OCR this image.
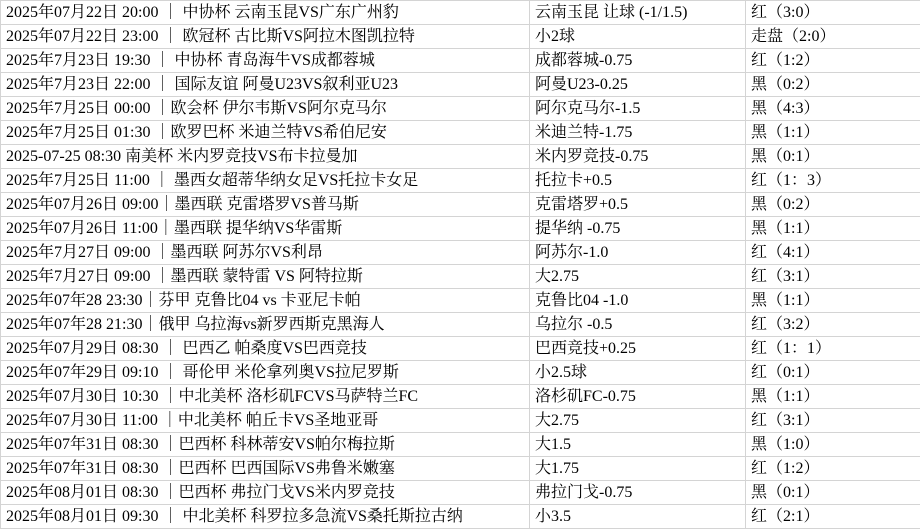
2025年07月22日 20:00 ｜ 中协杯 云南玉昆VS广东广州豹	云南玉昆 让球 (-1/1.5)	红（3:0）
2025年07月22日 23:00 ｜ 欧冠杯 古比斯VS阿拉木图凯拉特	小2球	走盘（2:0）
2025年7月23日 19:30 ｜ 中协杯 青岛海牛VS成都蓉城	成都蓉城-0.75	红（1:2）
2025年7月23日 22:00 ｜ 国际友谊 阿曼U23VS叙利亚U23	阿曼U23-0.25	黑（0:2）
2025年7月25日 00:00 ｜欧会杯 伊尔韦斯VS阿尔克马尔	阿尔克马尔-1.5	黑（4:3）
2025年7月25日 01:30 ｜欧罗巴杯 米迪兰特VS希伯尼安	米迪兰特-1.75	黑（1:1）
2025-07-25 08:30 南美杯 米内罗竞技VS布卡拉曼加	米内罗竞技-0.75	黑（0:1）
2025年7月25日 11:00 ｜ 墨西女超蒂华纳女足VS托拉卡女足	托拉卡+0.5	红（1：3）
2025年07月26日 09:00｜墨西联 克雷塔罗VS普马斯	克雷塔罗+0.5	黑（0:2）
2025年07月26日 11:00｜墨西联 提华纳VS华雷斯	提华纳 -0.75	黑（1:1）
2025年7月27日 09:00 ｜墨西联 阿苏尔VS利昂	阿苏尔-1.0	红（4:1）
2025年7月27日 09:00 ｜墨西联 蒙特雷 VS 阿特拉斯	大2.75	红（3:1）
2025年07年28 23:30｜芬甲 克鲁比04 vs 卡亚尼卡帕	克鲁比04 -1.0	黑（1:1）
2025年07年28 21:30｜俄甲 乌拉海vs新罗西斯克黑海人	乌拉尔 -0.5	红（3:2）
2025年07月29日 08:30 ｜ 巴西乙 帕桑度VS巴西竞技	巴西竞技+0.25	红（1：1）
2025年07年29日 09:10 ｜ 哥伦甲 米伦拿列奥VS拉尼罗斯	小2.5球	红（0:1）
2025年07月30日 10:30 ｜中北美杯 洛杉矶FCVS马萨特兰FC	洛杉矶FC-0.75	黑（1:1）
2025年07月30日 11:00 ｜中北美杯 帕丘卡VS圣地亚哥	大2.75	红（3:1）
2025年07年31日 08:30 ｜巴西杯 科林蒂安VS帕尔梅拉斯	大1.5	黑（1:0）
2025年07年31日 08:30 ｜巴西杯 巴西国际VS弗鲁米嫩塞	大1.75	红（1:2）
2025年08月01日 08:30 ｜巴西杯 弗拉门戈VS米内罗竞技	弗拉门戈-0.75	黑（0:1）
2025年08月01日 09:30 ｜ 中北美杯 科罗拉多急流VS桑托斯拉古纳	小3.5	红（2:1）
